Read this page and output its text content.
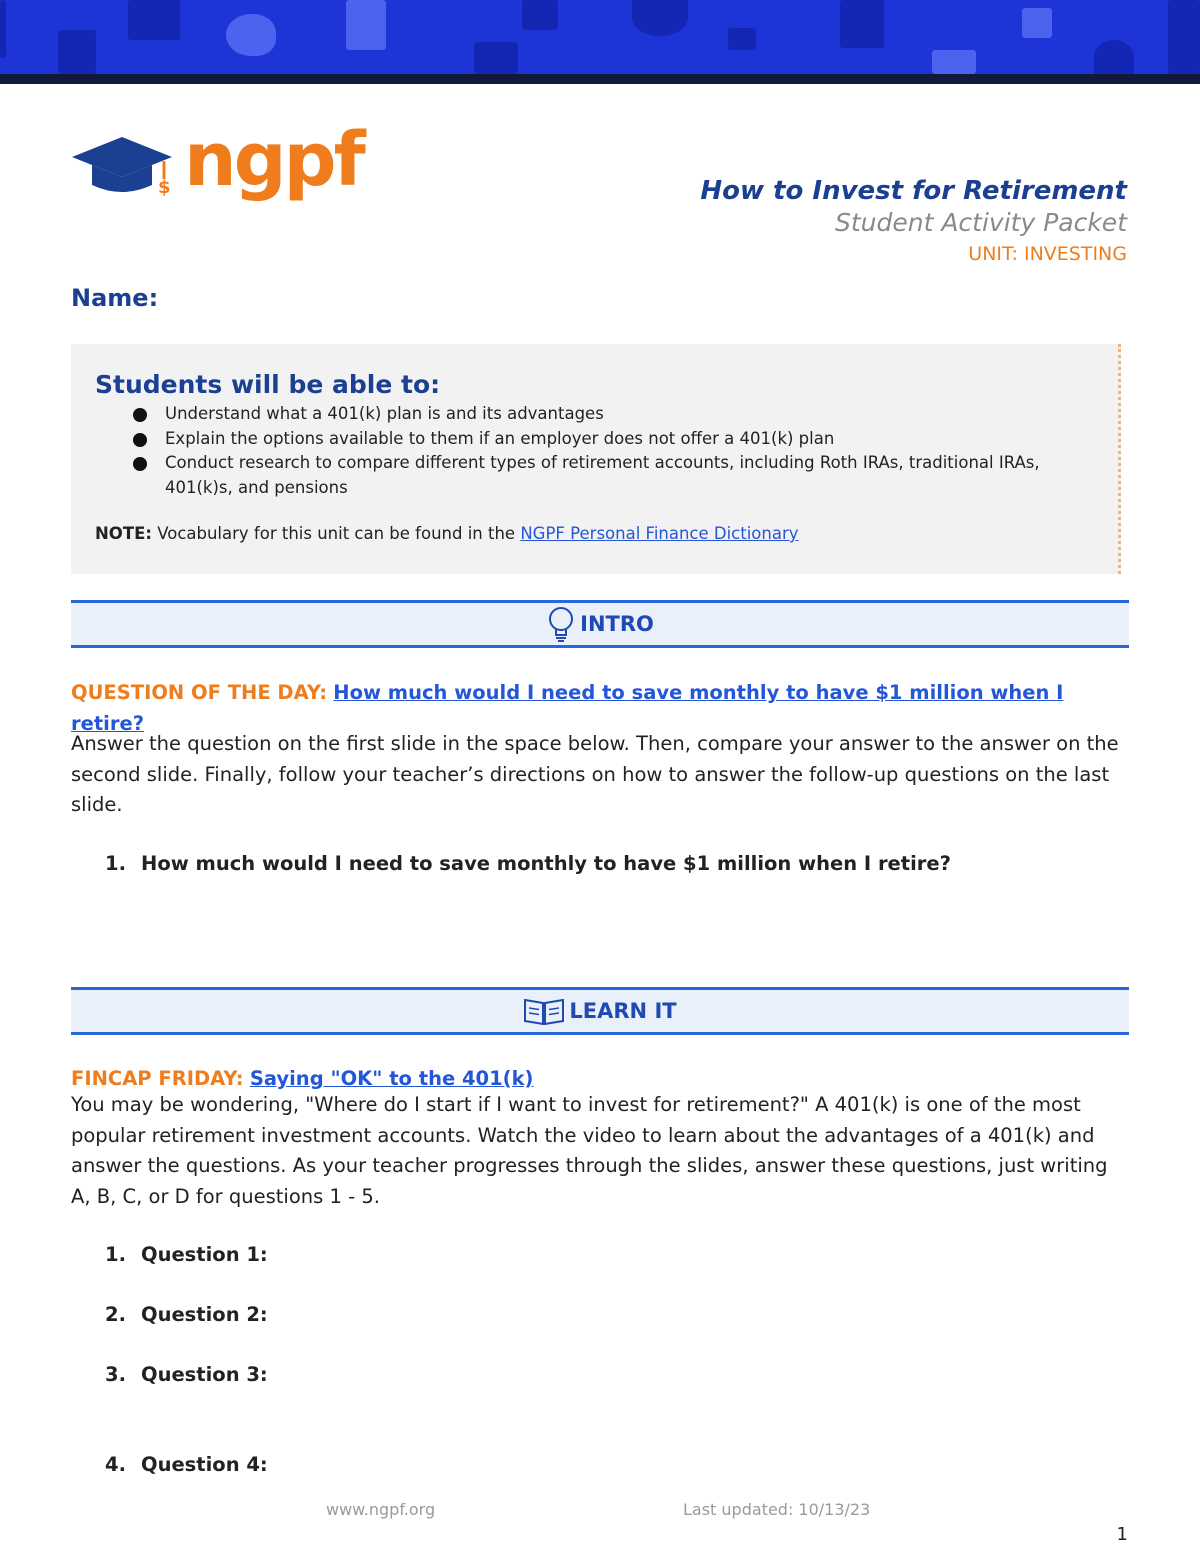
$ ngpf	How to Invest for Retirement
Student Activity Packet
UNIT: INVESTING
Name:
Students will be able to:
Understand what a 401(k) plan is and its advantages
Explain the options available to them if an employer does not offer a 401(k) plan
Conduct research to compare different types of retirement accounts, including Roth IRAs, traditional IRAs, 401(k)s, and pensions
NOTE: Vocabulary for this unit can be found in the NGPF Personal Finance Dictionary
INTRO
QUESTION OF THE DAY: How much would I need to save monthly to have $1 million when I retire?
Answer the question on the first slide in the space below. Then, compare your answer to the answer on the second slide. Finally, follow your teacher’s directions on how to answer the follow-up questions on the last slide.
1. How much would I need to save monthly to have $1 million when I retire?
LEARN IT
FINCAP FRIDAY: Saying "OK" to the 401(k)
You may be wondering, "Where do I start if I want to invest for retirement?" A 401(k) is one of the most popular retirement investment accounts. Watch the video to learn about the advantages of a 401(k) and answer the questions. As your teacher progresses through the slides, answer these questions, just writing A, B, C, or D for questions 1 - 5.
1. Question 1:
2. Question 2:
3. Question 3:
4. Question 4:
www.ngpf.org	Last updated: 10/13/23
1
